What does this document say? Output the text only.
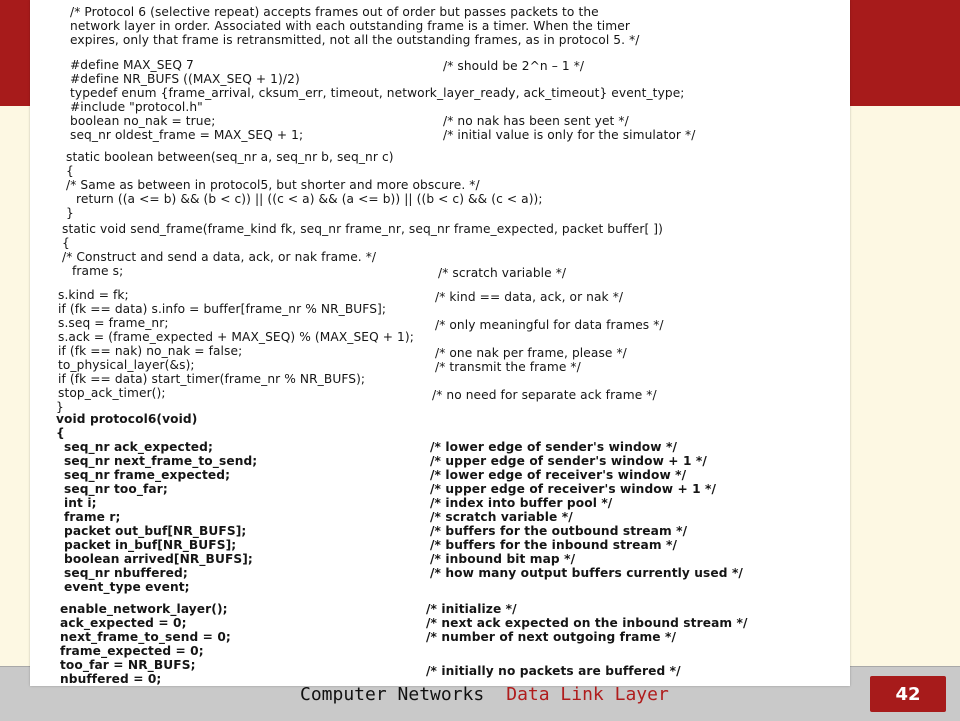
/* Protocol 6 (selective repeat) accepts frames out of order but passes packets to the
network layer in order. Associated with each outstanding frame is a timer. When the timer
expires, only that frame is retransmitted, not all the outstanding frames, as in protocol 5. */
#define MAX_SEQ 7	/* should be 2^n – 1 */
#define NR_BUFS ((MAX_SEQ + 1)/2)
typedef enum {frame_arrival, cksum_err, timeout, network_layer_ready, ack_timeout} event_type;
#include "protocol.h"
boolean no_nak = true;	/* no nak has been sent yet */
seq_nr oldest_frame = MAX_SEQ + 1;	/* initial value is only for the simulator */
static boolean between(seq_nr a, seq_nr b, seq_nr c)
{
/* Same as between in protocol5, but shorter and more obscure. */
return ((a <= b) && (b < c)) || ((c < a) && (a <= b)) || ((b < c) && (c < a));
}
static void send_frame(frame_kind fk, seq_nr frame_nr, seq_nr frame_expected, packet buffer[ ])
{
/* Construct and send a data, ack, or nak frame. */
frame s;	/* scratch variable */
s.kind = fk;	/* kind == data, ack, or nak */
if (fk == data) s.info = buffer[frame_nr % NR_BUFS];
s.seq = frame_nr;	/* only meaningful for data frames */
s.ack = (frame_expected + MAX_SEQ) % (MAX_SEQ + 1);
if (fk == nak) no_nak = false;	/* one nak per frame, please */
to_physical_layer(&s);	/* transmit the frame */
if (fk == data) start_timer(frame_nr % NR_BUFS);
stop_ack_timer();	/* no need for separate ack frame */
}
void protocol6(void)
{
seq_nr ack_expected;	/* lower edge of sender's window */
seq_nr next_frame_to_send;	/* upper edge of sender's window + 1 */
seq_nr frame_expected;	/* lower edge of receiver's window */
seq_nr too_far;	/* upper edge of receiver's window + 1 */
int i;	/* index into buffer pool */
frame r;	/* scratch variable */
packet out_buf[NR_BUFS];	/* buffers for the outbound stream */
packet in_buf[NR_BUFS];	/* buffers for the inbound stream */
boolean arrived[NR_BUFS];	/* inbound bit map */
seq_nr nbuffered;	/* how many output buffers currently used */
event_type event;
enable_network_layer();	/* initialize */
ack_expected = 0;	/* next ack expected on the inbound stream */
next_frame_to_send = 0;	/* number of next outgoing frame */
frame_expected = 0;
too_far = NR_BUFS;
nbuffered = 0;
/* initially no packets are buffered */
Computer Networks Data Link Layer	42
